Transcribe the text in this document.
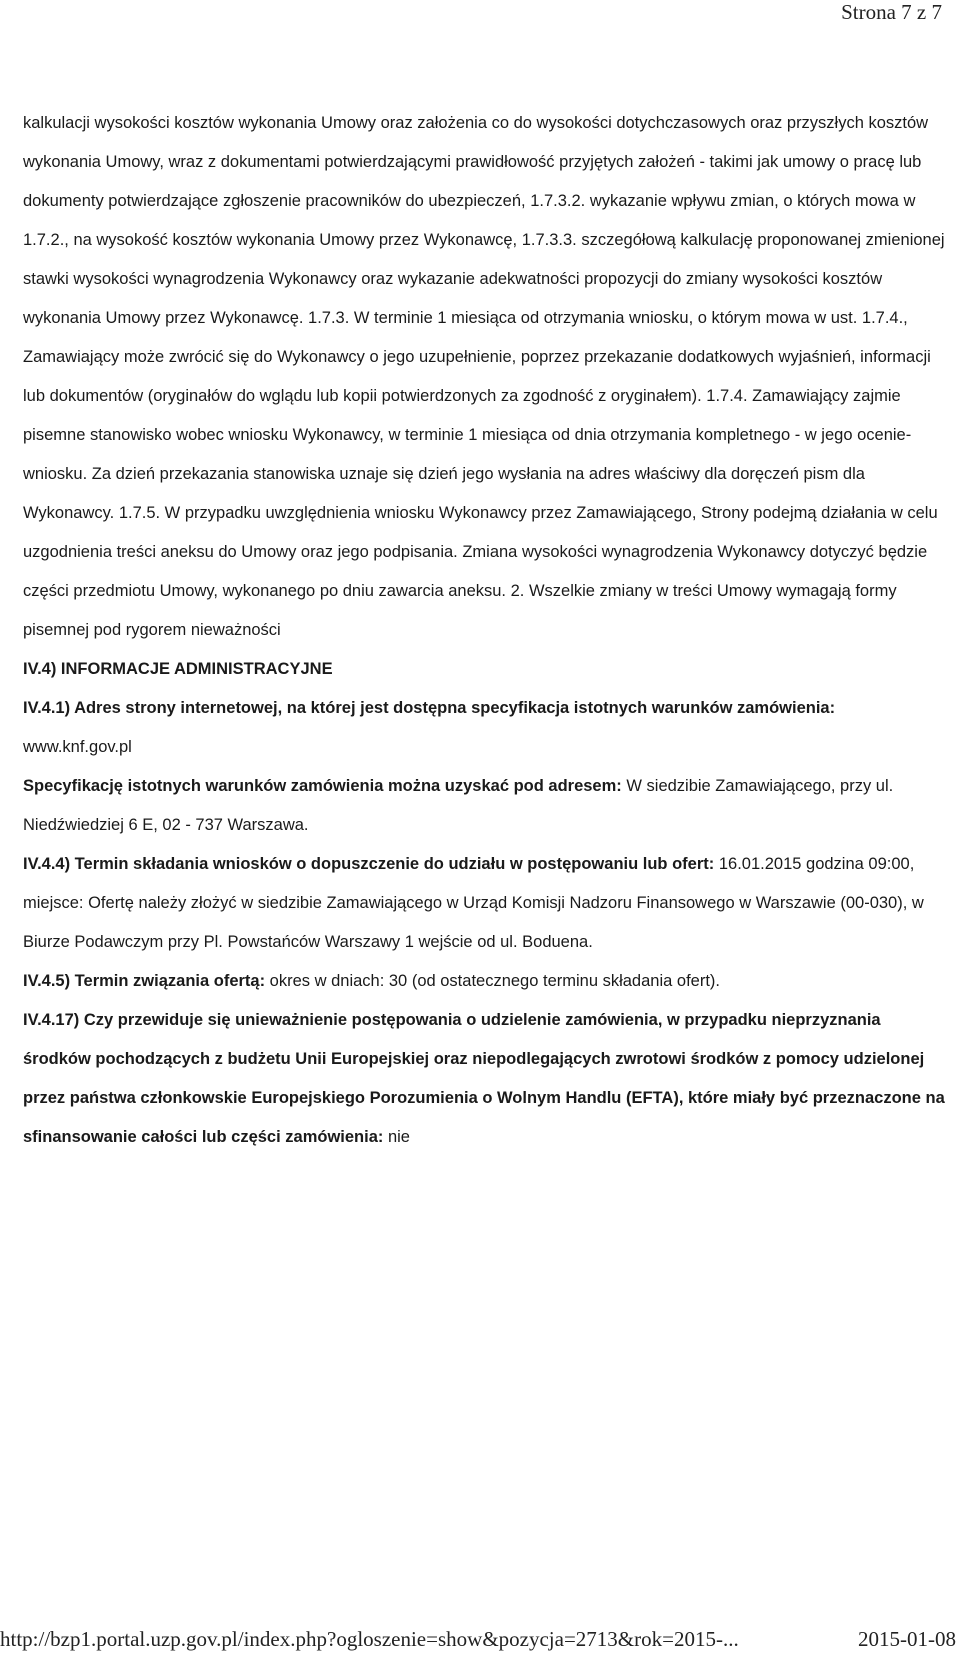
Strona 7 z 7

kalkulacji wysokości kosztów wykonania Umowy oraz założenia co do wysokości dotychczasowych oraz przyszłych kosztów wykonania Umowy, wraz z dokumentami potwierdzającymi prawidłowość przyjętych założeń - takimi jak umowy o pracę lub dokumenty potwierdzające zgłoszenie pracowników do ubezpieczeń, 1.7.3.2. wykazanie wpływu zmian, o których mowa w 1.7.2., na wysokość kosztów wykonania Umowy przez Wykonawcę, 1.7.3.3. szczegółową kalkulację proponowanej zmienionej stawki wysokości wynagrodzenia Wykonawcy oraz wykazanie adekwatności propozycji do zmiany wysokości kosztów wykonania Umowy przez Wykonawcę. 1.7.3. W terminie 1 miesiąca od otrzymania wniosku, o którym mowa w ust. 1.7.4., Zamawiający może zwrócić się do Wykonawcy o jego uzupełnienie, poprzez przekazanie dodatkowych wyjaśnień, informacji lub dokumentów (oryginałów do wglądu lub kopii potwierdzonych za zgodność z oryginałem). 1.7.4. Zamawiający zajmie pisemne stanowisko wobec wniosku Wykonawcy, w terminie 1 miesiąca od dnia otrzymania kompletnego - w jego ocenie- wniosku. Za dzień przekazania stanowiska uznaje się dzień jego wysłania na adres właściwy dla doręczeń pism dla Wykonawcy. 1.7.5. W przypadku uwzględnienia wniosku Wykonawcy przez Zamawiającego, Strony podejmą działania w celu uzgodnienia treści aneksu do Umowy oraz jego podpisania. Zmiana wysokości wynagrodzenia Wykonawcy dotyczyć będzie części przedmiotu Umowy, wykonanego po dniu zawarcia aneksu. 2. Wszelkie zmiany w treści Umowy wymagają formy pisemnej pod rygorem nieważności

IV.4) INFORMACJE ADMINISTRACYJNE

IV.4.1) Adres strony internetowej, na której jest dostępna specyfikacja istotnych warunków zamówienia: www.knf.gov.pl

Specyfikację istotnych warunków zamówienia można uzyskać pod adresem: W siedzibie Zamawiającego, przy ul. Niedźwiedziej 6 E, 02 - 737 Warszawa.

IV.4.4) Termin składania wniosków o dopuszczenie do udziału w postępowaniu lub ofert: 16.01.2015 godzina 09:00, miejsce: Ofertę należy złożyć w siedzibie Zamawiającego w Urząd Komisji Nadzoru Finansowego w Warszawie (00-030), w Biurze Podawczym przy Pl. Powstańców Warszawy 1 wejście od ul. Boduena.

IV.4.5) Termin związania ofertą: okres w dniach: 30 (od ostatecznego terminu składania ofert).

IV.4.17) Czy przewiduje się unieważnienie postępowania o udzielenie zamówienia, w przypadku nieprzyznania środków pochodzących z budżetu Unii Europejskiej oraz niepodlegających zwrotowi środków z pomocy udzielonej przez państwa członkowskie Europejskiego Porozumienia o Wolnym Handlu (EFTA), które miały być przeznaczone na sfinansowanie całości lub części zamówienia: nie

http://bzp1.portal.uzp.gov.pl/index.php?ogloszenie=show&pozycja=2713&rok=2015-...	2015-01-08
